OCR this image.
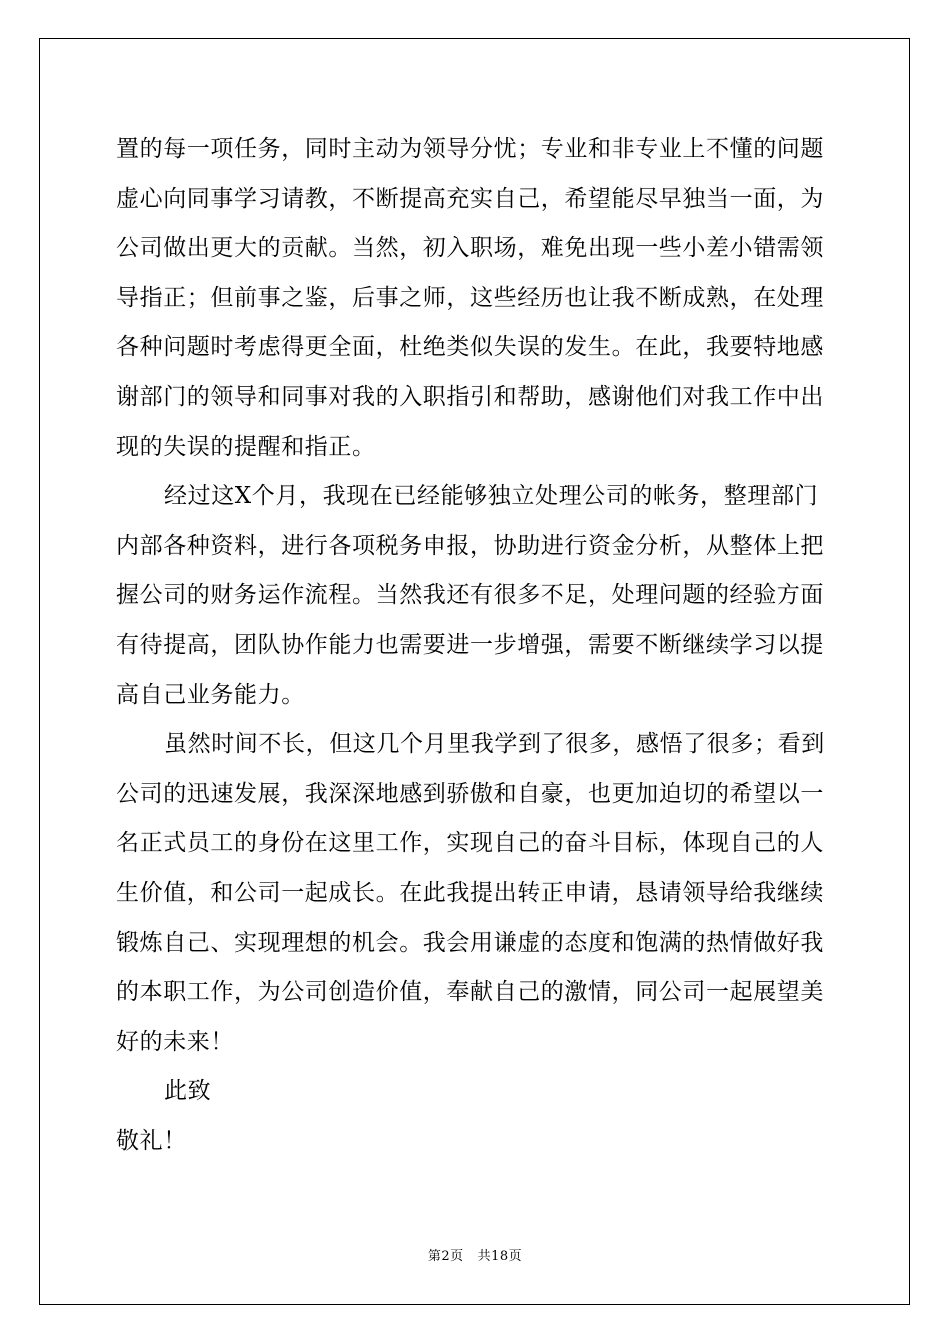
置的每一项任务，同时主动为领导分忧；专业和非专业上不懂的问题
虚心向同事学习请教，不断提高充实自己，希望能尽早独当一面，为
公司做出更大的贡献。当然，初入职场，难免出现一些小差小错需领
导指正；但前事之鉴，后事之师，这些经历也让我不断成熟，在处理
各种问题时考虑得更全面，杜绝类似失误的发生。在此，我要特地感
谢部门的领导和同事对我的入职指引和帮助，感谢他们对我工作中出
现的失误的提醒和指正。
经过这X个月，我现在已经能够独立处理公司的帐务，整理部门
内部各种资料，进行各项税务申报，协助进行资金分析，从整体上把
握公司的财务运作流程。当然我还有很多不足，处理问题的经验方面
有待提高，团队协作能力也需要进一步增强，需要不断继续学习以提
高自己业务能力。
虽然时间不长，但这几个月里我学到了很多，感悟了很多；看到
公司的迅速发展，我深深地感到骄傲和自豪，也更加迫切的希望以一
名正式员工的身份在这里工作，实现自己的奋斗目标，体现自己的人
生价值，和公司一起成长。在此我提出转正申请，恳请领导给我继续
锻炼自己、实现理想的机会。我会用谦虚的态度和饱满的热情做好我
的本职工作，为公司创造价值，奉献自己的激情，同公司一起展望美
好的未来！
此致
敬礼！
第2页 共18页
